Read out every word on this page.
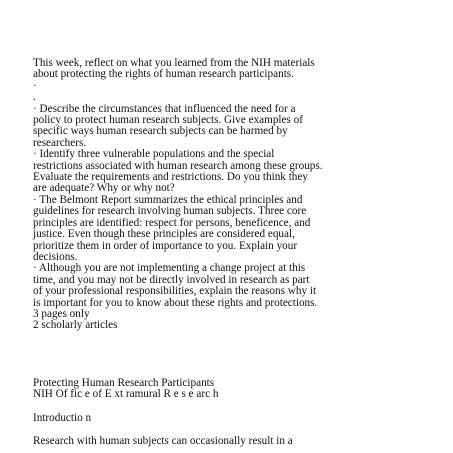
This week, reflect on what you learned from the NIH materials

about protecting the rights of human research participants.

·

.

· Describe the circumstances that influenced the need for a

policy to protect human research subjects. Give examples of

specific ways human research subjects can be harmed by

researchers.

· Identify three vulnerable populations and the special

restrictions associated with human research among these groups.

Evaluate the requirements and restrictions. Do you think they

are adequate? Why or why not?

· The Belmont Report summarizes the ethical principles and

guidelines for research involving human subjects. Three core

principles are identified: respect for persons, beneficence, and

justice. Even though these principles are considered equal,

prioritize them in order of importance to you. Explain your

decisions.

· Although you are not implementing a change project at this

time, and you may not be directly involved in research as part

of your professional responsibilities, explain the reasons why it

is important for you to know about these rights and protections.

3 pages only

2 scholarly articles

Protecting Human Research Participants

NIH Of fic e of E xt ramural R e s e arc h

Introductio n

Research with human subjects can occasionally result in a
